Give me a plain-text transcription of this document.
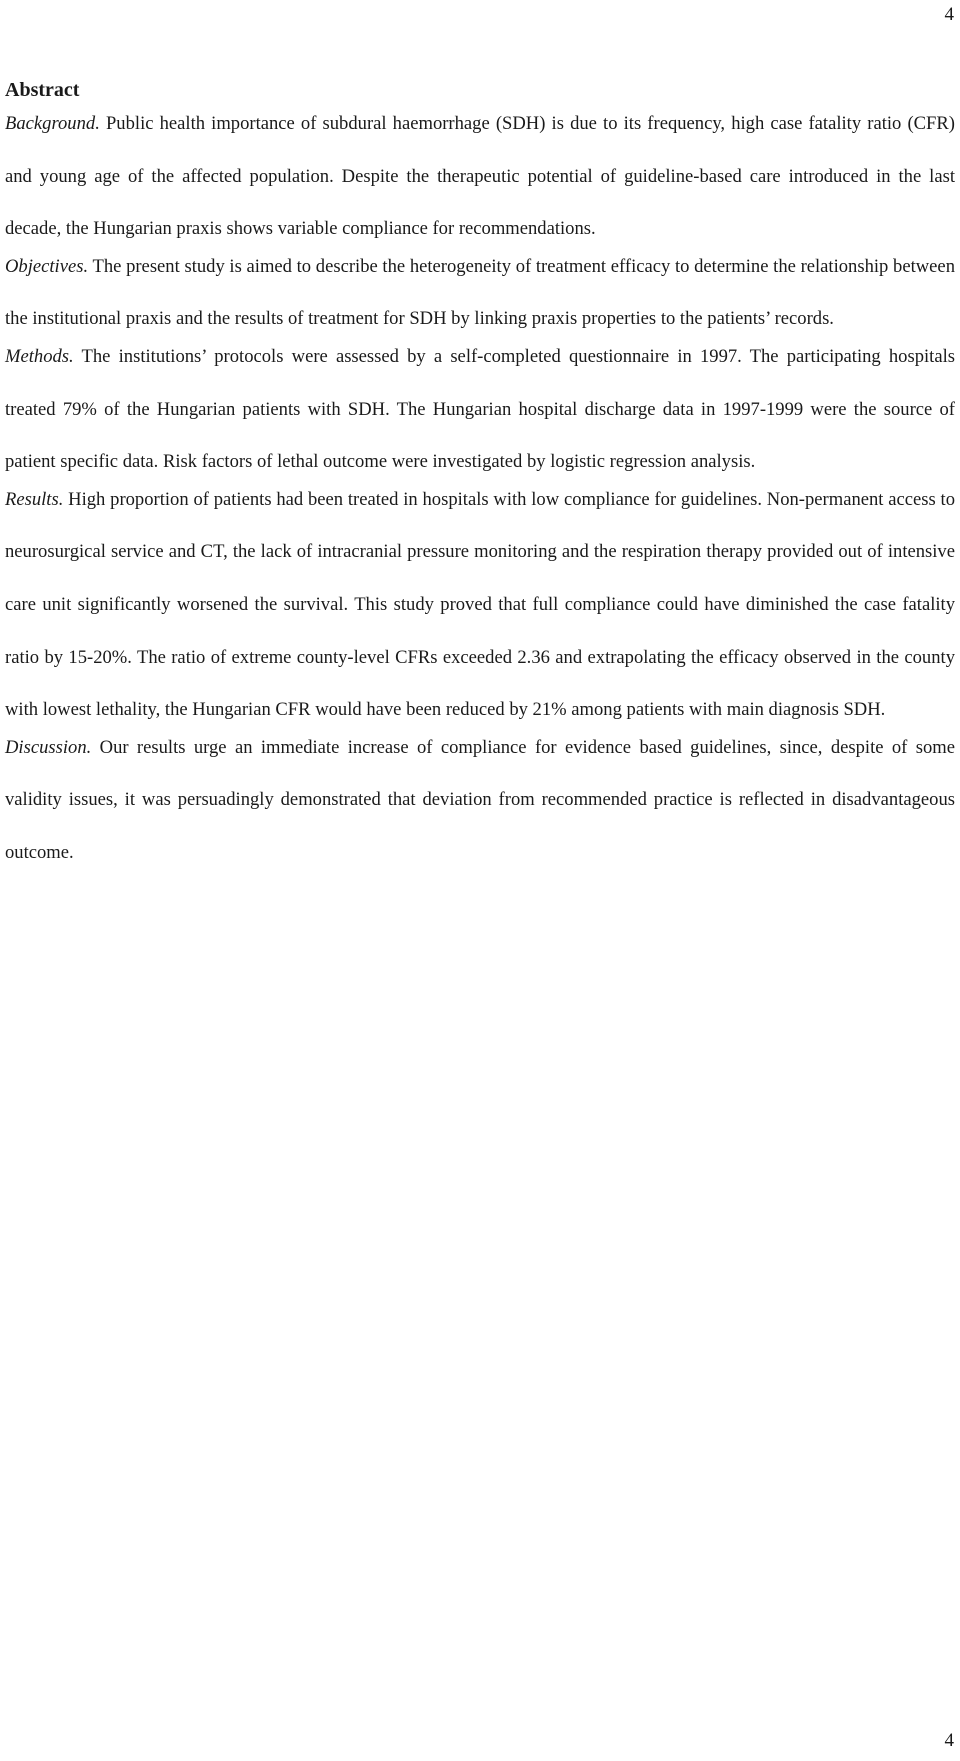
4
Abstract

Background. Public health importance of subdural haemorrhage (SDH) is due to its frequency, high case fatality ratio (CFR) and young age of the affected population. Despite the therapeutic potential of guideline-based care introduced in the last decade, the Hungarian praxis shows variable compliance for recommendations.

Objectives. The present study is aimed to describe the heterogeneity of treatment efficacy to determine the relationship between the institutional praxis and the results of treatment for SDH by linking praxis properties to the patients’ records.

Methods. The institutions’ protocols were assessed by a self-completed questionnaire in 1997. The participating hospitals treated 79% of the Hungarian patients with SDH. The Hungarian hospital discharge data in 1997-1999 were the source of patient specific data. Risk factors of lethal outcome were investigated by logistic regression analysis.

Results. High proportion of patients had been treated in hospitals with low compliance for guidelines. Non-permanent access to neurosurgical service and CT, the lack of intracranial pressure monitoring and the respiration therapy provided out of intensive care unit significantly worsened the survival. This study proved that full compliance could have diminished the case fatality ratio by 15-20%. The ratio of extreme county-level CFRs exceeded 2.36 and extrapolating the efficacy observed in the county with lowest lethality, the Hungarian CFR would have been reduced by 21% among patients with main diagnosis SDH.

Discussion. Our results urge an immediate increase of compliance for evidence based guidelines, since, despite of some validity issues, it was persuadingly demonstrated that deviation from recommended practice is reflected in disadvantageous outcome.

4
